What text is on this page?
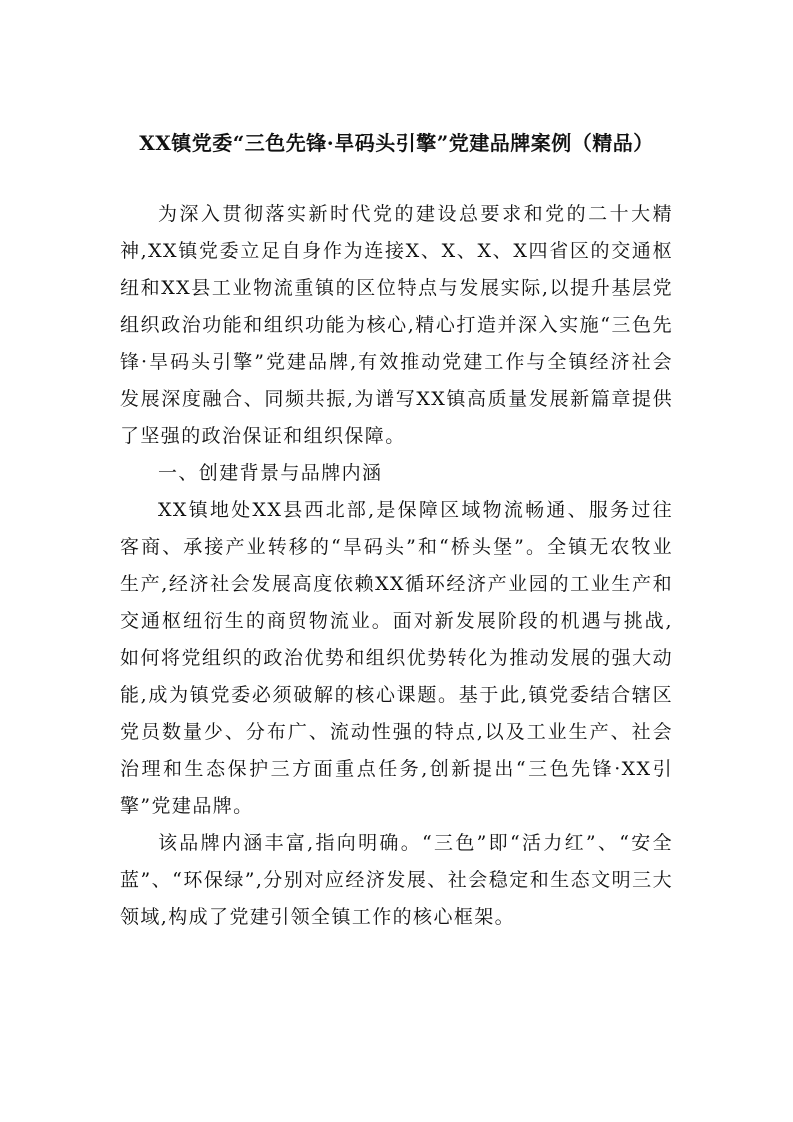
XX镇党委“三色先锋·旱码头引擎”党建品牌案例（精品）

为深入贯彻落实新时代党的建设总要求和党的二十大精神,XX镇党委立足自身作为连接X、X、X、X四省区的交通枢纽和XX县工业物流重镇的区位特点与发展实际,以提升基层党组织政治功能和组织功能为核心,精心打造并深入实施“三色先锋·旱码头引擎”党建品牌,有效推动党建工作与全镇经济社会发展深度融合、同频共振,为谱写XX镇高质量发展新篇章提供了坚强的政治保证和组织保障。

一、创建背景与品牌内涵

XX镇地处XX县西北部,是保障区域物流畅通、服务过往客商、承接产业转移的“旱码头”和“桥头堡”。全镇无农牧业生产,经济社会发展高度依赖XX循环经济产业园的工业生产和交通枢纽衍生的商贸物流业。面对新发展阶段的机遇与挑战,如何将党组织的政治优势和组织优势转化为推动发展的强大动能,成为镇党委必须破解的核心课题。基于此,镇党委结合辖区党员数量少、分布广、流动性强的特点,以及工业生产、社会治理和生态保护三方面重点任务,创新提出“三色先锋·XX引擎”党建品牌。

该品牌内涵丰富,指向明确。“三色”即“活力红”、“安全蓝”、“环保绿”,分别对应经济发展、社会稳定和生态文明三大领域,构成了党建引领全镇工作的核心框架。
